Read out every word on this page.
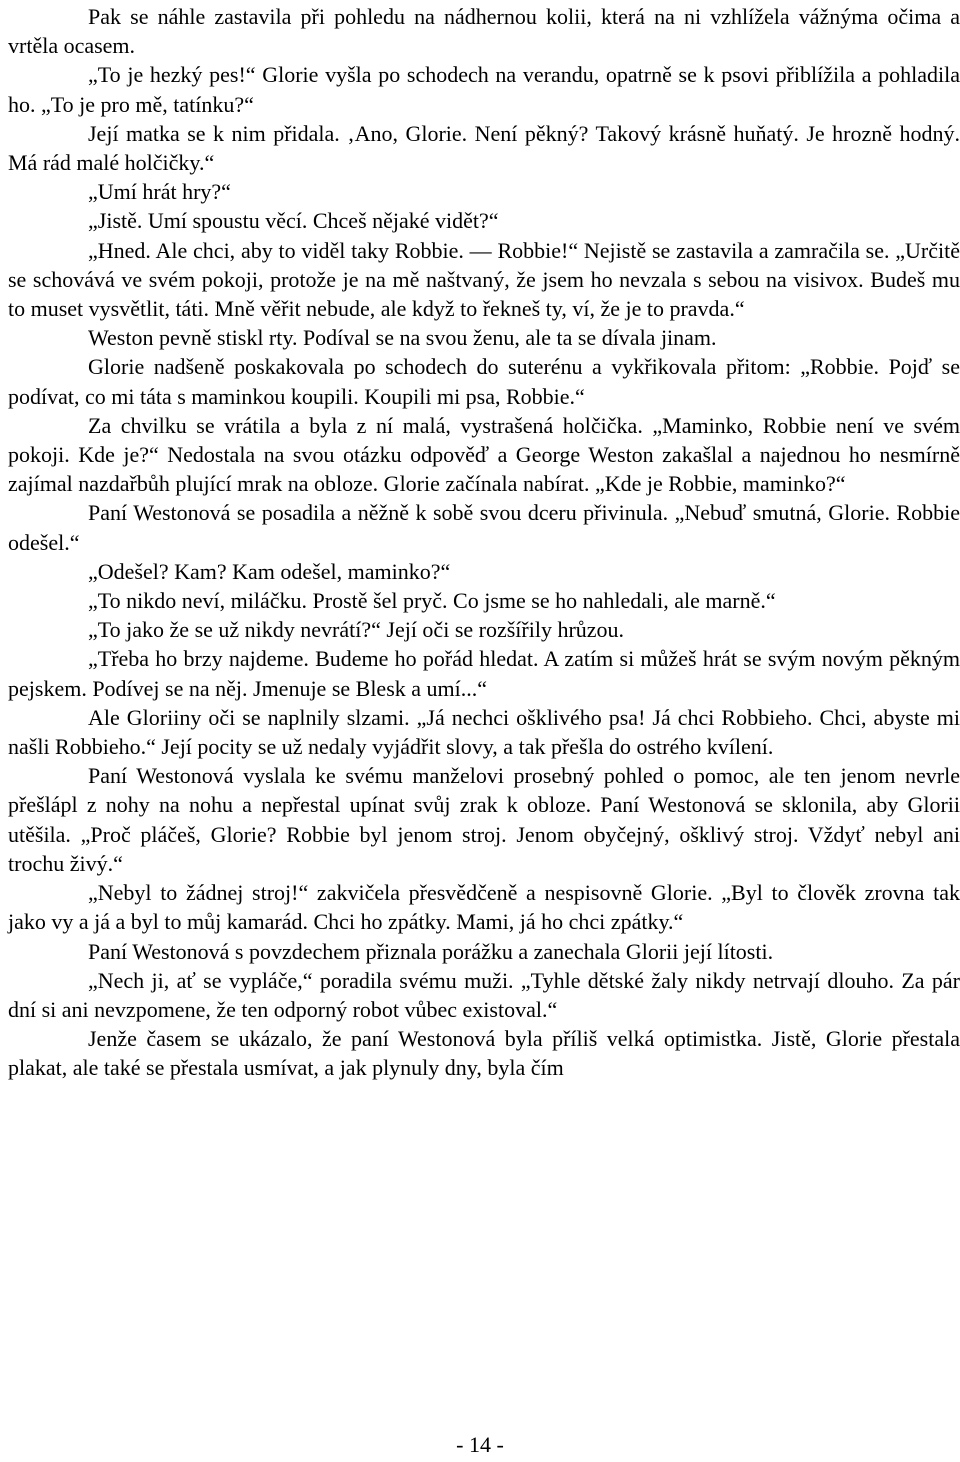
Pak se náhle zastavila při pohledu na nádhernou kolii, která na ni vzhlížela vážnýma očima a vrtěla ocasem.

„To je hezký pes!“ Glorie vyšla po schodech na verandu, opatrně se k psovi přiblížila a pohladila ho. „To je pro mě, tatínku?“

Její matka se k nim přidala. ‚Ano, Glorie. Není pěkný? Takový krásně huňatý. Je hrozně hodný. Má rád malé holčičky.“

„Umí hrát hry?“

„Jistě. Umí spoustu věcí. Chceš nějaké vidět?“

„Hned. Ale chci, aby to viděl taky Robbie. — Robbie!“ Nejistě se zastavila a zamračila se. „Určitě se schovává ve svém pokoji, protože je na mě naštvaný, že jsem ho nevzala s sebou na visivox. Budeš mu to muset vysvětlit, táti. Mně věřit nebude, ale když to řekneš ty, ví, že je to pravda.“

Weston pevně stiskl rty. Podíval se na svou ženu, ale ta se dívala jinam.

Glorie nadšeně poskakovala po schodech do suterénu a vykřikovala přitom: „Robbie. Pojď se podívat, co mi táta s maminkou koupili. Koupili mi psa, Robbie.“

Za chvilku se vrátila a byla z ní malá, vystrašená holčička. „Maminko, Robbie není ve svém pokoji. Kde je?“ Nedostala na svou otázku odpověď a George Weston zakašlal a najednou ho nesmírně zajímal nazdařbůh plující mrak na obloze. Glorie začínala nabírat. „Kde je Robbie, maminko?“

Paní Westonová se posadila a něžně k sobě svou dceru přivinula. „Nebuď smutná, Glorie. Robbie odešel.“

„Odešel? Kam? Kam odešel, maminko?“

„To nikdo neví, miláčku. Prostě šel pryč. Co jsme se ho nahledali, ale marně.“

„To jako že se už nikdy nevrátí?“ Její oči se rozšířily hrůzou.

„Třeba ho brzy najdeme. Budeme ho pořád hledat. A zatím si můžeš hrát se svým novým pěkným pejskem. Podívej se na něj. Jmenuje se Blesk a umí...“

Ale Gloriiny oči se naplnily slzami. „Já nechci ošklivého psa! Já chci Robbieho. Chci, abyste mi našli Robbieho.“ Její pocity se už nedaly vyjádřit slovy, a tak přešla do ostrého kvílení.

Paní Westonová vyslala ke svému manželovi prosebný pohled o pomoc, ale ten jenom nevrle přešlápl z nohy na nohu a nepřestal upínat svůj zrak k obloze. Paní Westonová se sklonila, aby Glorii utěšila. „Proč pláčeš, Glorie? Robbie byl jenom stroj. Jenom obyčejný, ošklivý stroj. Vždyť nebyl ani trochu živý.“

„Nebyl to žádnej stroj!“ zakvičela přesvědčeně a nespisovně Glorie. „Byl to člověk zrovna tak jako vy a já a byl to můj kamarád. Chci ho zpátky. Mami, já ho chci zpátky.“

Paní Westonová s povzdechem přiznala porážku a zanechala Glorii její lítosti.

„Nech ji, ať se vypláče,“ poradila svému muži. „Tyhle dětské žaly nikdy netrvají dlouho. Za pár dní si ani nevzpomene, že ten odporný robot vůbec existoval.“

Jenže časem se ukázalo, že paní Westonová byla příliš velká optimistka. Jistě, Glorie přestala plakat, ale také se přestala usmívat, a jak plynuly dny, byla čím

- 14 -
